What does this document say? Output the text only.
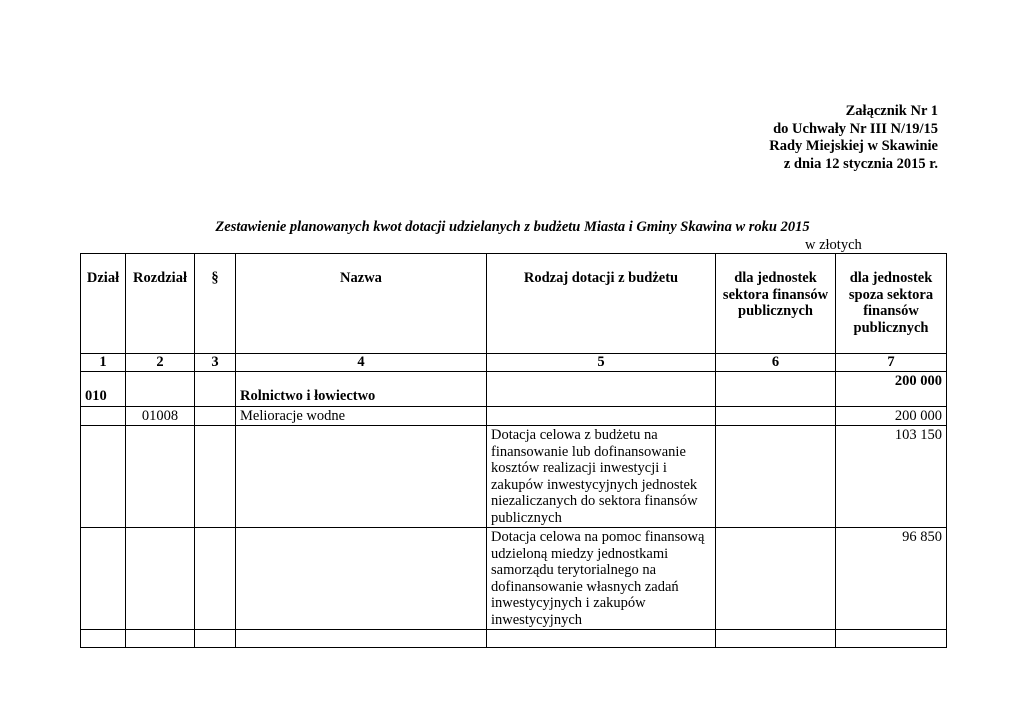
Załącznik Nr 1
do Uchwały Nr III N/19/15
Rady Miejskiej w Skawinie
z dnia 12 stycznia 2015 r.
Zestawienie planowanych kwot dotacji udzielanych z budżetu Miasta i Gminy Skawina w roku 2015
w złotych
Dział	Rozdział	§	Nazwa	Rodzaj dotacji z budżetu	dla jednostek sektora finansów publicznych	dla jednostek spoza sektora finansów publicznych
1	2	3	4	5	6	7
010			Rolnictwo i łowiectwo			200 000
	01008		Melioracje wodne			200 000
				Dotacja celowa z budżetu na finansowanie lub dofinansowanie kosztów realizacji inwestycji i zakupów inwestycyjnych jednostek niezaliczanych do sektora finansów publicznych		103 150
				Dotacja celowa na pomoc finansową udzieloną miedzy jednostkami samorządu terytorialnego na dofinansowanie własnych zadań inwestycyjnych i zakupów inwestycyjnych		96 850
